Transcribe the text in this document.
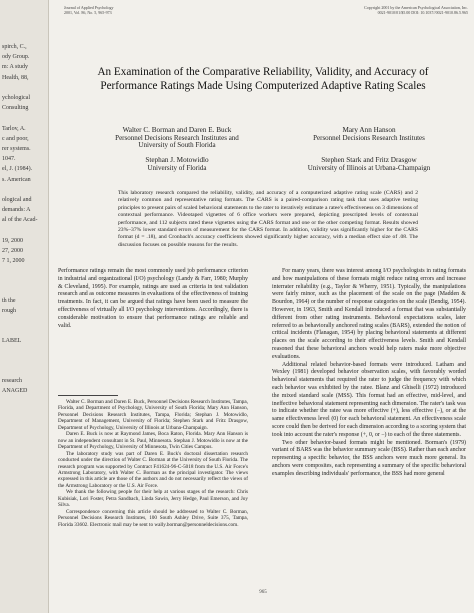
spirch, C.,
ody Group.
m: A study
Health, 88,
ychological
Consulting
Tarlov, A.
c and poor,
rer systems.
1047.
el, J. (1984).
s. American
ological and
demands: A
al of the Acad-
19, 2000
27, 2000
7 1, 2000
th the
rough
LABEL
research
ANAGED
Journal of Applied Psychology
2001, Vol. 86, No. 5, 965-973
Copyright 2001 by the American Psychological Association, Inc.
0021-9010/01/$5.00 DOI: 10.1037//0021-9010.86.5.965
An Examination of the Comparative Reliability, Validity, and Accuracy of
Performance Ratings Made Using Computerized Adaptive Rating Scales
Walter C. Borman and Daren E. Buck
Personnel Decisions Research Institutes and
University of South Florida
Mary Ann Hanson
Personnel Decisions Research Institutes
Stephan J. Motowidlo
University of Florida
Stephen Stark and Fritz Drasgow
University of Illinois at Urbana-Champaign
This laboratory research compared the reliability, validity, and accuracy of a computerized adaptive rating scale (CARS) and 2 relatively common and representative rating formats. The CARS is a paired-comparison rating task that uses adaptive testing principles to present pairs of scaled behavioral statements to the rater to iteratively estimate a ratee's effectiveness on 3 dimensions of contextual performance. Videotaped vignettes of 6 office workers were prepared, depicting prescripted levels of contextual performance, and 112 subjects rated these vignettes using the CARS format and one or the other competing format. Results showed 23%–37% lower standard errors of measurement for the CARS format. In addition, validity was significantly higher for the CARS format (d = .18), and Cronbach's accuracy coefficients showed significantly higher accuracy, with a median effect size of .08. The discussion focuses on possible reasons for the results.

Performance ratings remain the most commonly used job performance criterion in industrial and organizational (I/O) psychology (Landy & Farr, 1980; Murphy & Cleveland, 1995). For example, ratings are used as criteria in test validation research and as outcome measures in evaluations of the effectiveness of training treatments. In fact, it can be argued that ratings have been used to measure the effectiveness of virtually all I/O psychology interventions. Accordingly, there is considerable motivation to ensure that performance ratings are reliable and valid.

Walter C. Borman and Daren E. Buck, Personnel Decisions Research Institutes, Tampa, Florida, and Department of Psychology, University of South Florida; Mary Ann Hanson, Personnel Decisions Research Institutes, Tampa, Florida; Stephan J. Motowidlo, Department of Management, University of Florida; Stephen Stark and Fritz Drasgow, Department of Psychology, University of Illinois at Urbana-Champaign.

Daren E. Buck is now at Raymond James, Boca Raton, Florida. Mary Ann Hanson is now an independent consultant in St. Paul, Minnesota. Stephan J. Motowidlo is now at the Department of Psychology, University of Minnesota, Twin Cities Campus.

The laboratory study was part of Daren E. Buck's doctoral dissertation research conducted under the direction of Walter C. Borman at the University of South Florida. The research program was supported by Contract F41624-96-C-5018 from the U.S. Air Force's Armstrong Laboratory, with Walter C. Borman as the principal investigator. The views expressed in this article are those of the authors and do not necessarily reflect the views of the Armstrong Laboratory or the U.S. Air Force.

We thank the following people for their help at various stages of the research: Chris Kubisiak, Lori Foster, Petra Sandbach, Linda Sawin, Jerry Hedge, Paul Emerson, and Joy Silva.

Correspondence concerning this article should be addressed to Walter C. Borman, Personnel Decisions Research Institutes, 100 South Ashley Drive, Suite 375, Tampa, Florida 33602. Electronic mail may be sent to wally.borman@personneldecisions.com.

For many years, there was interest among I/O psychologists in rating formats and how manipulations of these formats might reduce rating errors and increase interrater reliability (e.g., Taylor & Wherry, 1951). Typically, the manipulations were fairly minor, such as the placement of the scale on the page (Madden & Bourdon, 1964) or the number of response categories on the scale (Bendig, 1954). However, in 1963, Smith and Kendall introduced a format that was substantially different from other rating instruments. Behavioral expectations scales, later referred to as behaviorally anchored rating scales (BARS), extended the notion of critical incidents (Flanagan, 1954) by placing behavioral statements at different places on the scale according to their effectiveness levels. Smith and Kendall reasoned that these behavioral anchors would help raters make more objective evaluations.

Additional related behavior-based formats were introduced. Latham and Wexley (1981) developed behavior observation scales, with favorably worded behavioral statements that required the rater to judge the frequency with which each behavior was exhibited by the ratee. Blanz and Ghiselli (1972) introduced the mixed standard scale (MSS). This format had an effective, mid-level, and ineffective behavioral statement representing each dimension. The rater's task was to indicate whether the ratee was more effective (+), less effective (−), or at the same effectiveness level (0) for each behavioral statement. An effectiveness scale score could then be derived for each dimension according to a scoring system that took into account the rater's response (+, 0, or −) to each of the three statements.

Two other behavior-based formats might be mentioned. Borman's (1979) variant of BARS was the behavior summary scale (BSS). Rather than each anchor representing a specific behavior, the BSS anchors were much more general. Its anchors were composites, each representing a summary of the specific behavioral examples describing individuals' performance, the BSS had more general

965
